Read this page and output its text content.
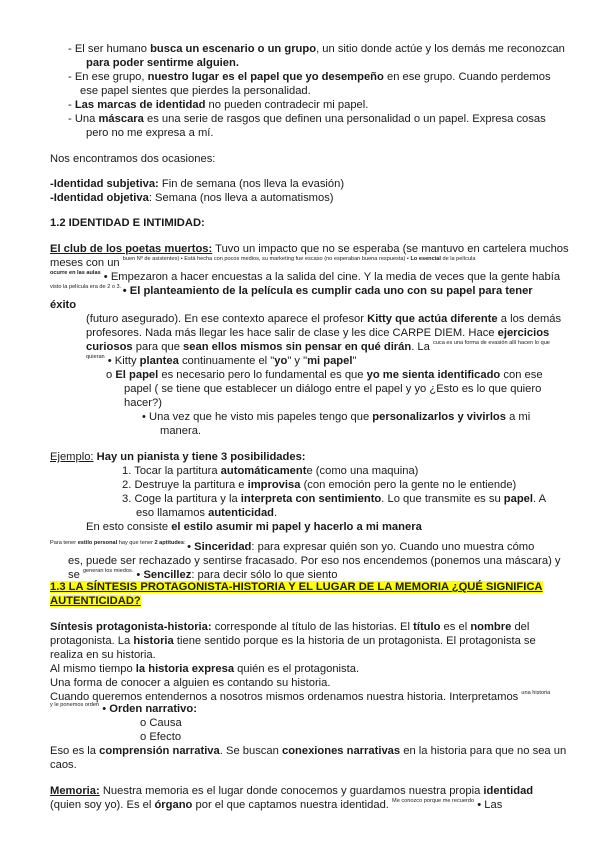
- El ser humano busca un escenario o un grupo, un sitio donde actúe y los demás me reconozcan
para poder sentirme alguien.
- En ese grupo, nuestro lugar es el papel que yo desempeño en ese grupo. Cuando perdemos
ese papel sientes que pierdes la personalidad.
- Las marcas de identidad no pueden contradecir mi papel.
- Una máscara es una serie de rasgos que definen una personalidad o un papel. Expresa cosas
pero no me expresa a mí.
Nos encontramos dos ocasiones:
-Identidad subjetiva: Fin de semana (nos lleva la evasión)
-Identidad objetiva: Semana (nos lleva a automatismos)
1.2 IDENTIDAD E INTIMIDAD:
El club de los poetas muertos: Tuvo un impacto que no se esperaba (se mantuvo en cartelera muchos
meses con un $^{buen Nº de asistentes) • Está hecha con pocos medios, su marketing fue escaso (no esperaban buena respuesta) •}$ $^{Lo esencial}$ $^{de la película}$
$^{ocurre en las aulas}$ • Empezaron a hacer encuestas a la salida del cine. Y la media de veces que la gente había
$^{visto la película era de 2 o 3.}$ • El planteamiento de la película es cumplir cada uno con su papel para tener
éxito
(futuro asegurado). En ese contexto aparece el profesor Kitty que actúa diferente a los demás
profesores. Nada más llegar les hace salir de clase y les dice CARPE DIEM. Hace ejercicios
curiosos para que sean ellos mismos sin pensar en qué dirán. La $^{cuca es una forma de evasión allí hacen lo que}$
$^{quieran}$ • Kitty plantea continuamente el "yo" y "mi papel"
o El papel es necesario pero lo fundamental es que yo me sienta identificado con ese
papel ( se tiene que establecer un diálogo entre el papel y yo ¿Esto es lo que quiero
hacer?)
• Una vez que he visto mis papeles tengo que personalizarlos y vivirlos a mi
manera.
Ejemplo: Hay un pianista y tiene 3 posibilidades:
1. Tocar la partitura automáticamente (como una maquina)
2. Destruye la partitura e improvisa (con emoción pero la gente no le entiende)
3. Coge la partitura y la interpreta con sentimiento. Lo que transmite es su papel. A
eso llamamos autenticidad.
En esto consiste el estilo asumir mi papel y hacerlo a mi manera
$^{Para tener}$ $^{estilo personal}$ $^{hay que tener}$ $^{2 aptitudes:}$ • Sinceridad: para expresar quién son yo. Cuando uno muestra cómo
es, puede ser rechazado y sentirse fracasado. Por eso nos encendemos (ponemos una máscara) y
se $^{generan los miedos.}$ • Sencillez: para decir sólo lo que siento
1.3 LA SÍNTESIS PROTAGONISTA-HISTORIA Y EL LUGAR DE LA MEMORIA ¿QUÉ SIGNIFICA
AUTENTICIDAD?
Síntesis protagonista-historia: corresponde al título de las historias. El título es el nombre del
protagonista. La historia tiene sentido porque es la historia de un protagonista. El protagonista se
realiza en su historia.
Al mismo tiempo la historia expresa quién es el protagonista.
Una forma de conocer a alguien es contando su historia.
Cuando queremos entendernos a nosotros mismos ordenamos nuestra historia. Interpretamos $^{una historia}$
$^{y le ponemos orden}$ • Orden narrativo:
o Causa
o Efecto
Eso es la comprensión narrativa. Se buscan conexiones narrativas en la historia para que no sea un
caos.
Memoria: Nuestra memoria es el lugar donde conocemos y guardamos nuestra propia identidad
(quien soy yo). Es el órgano por el que captamos nuestra identidad. $^{Me conozco porque me recuerdo}$ • Las
